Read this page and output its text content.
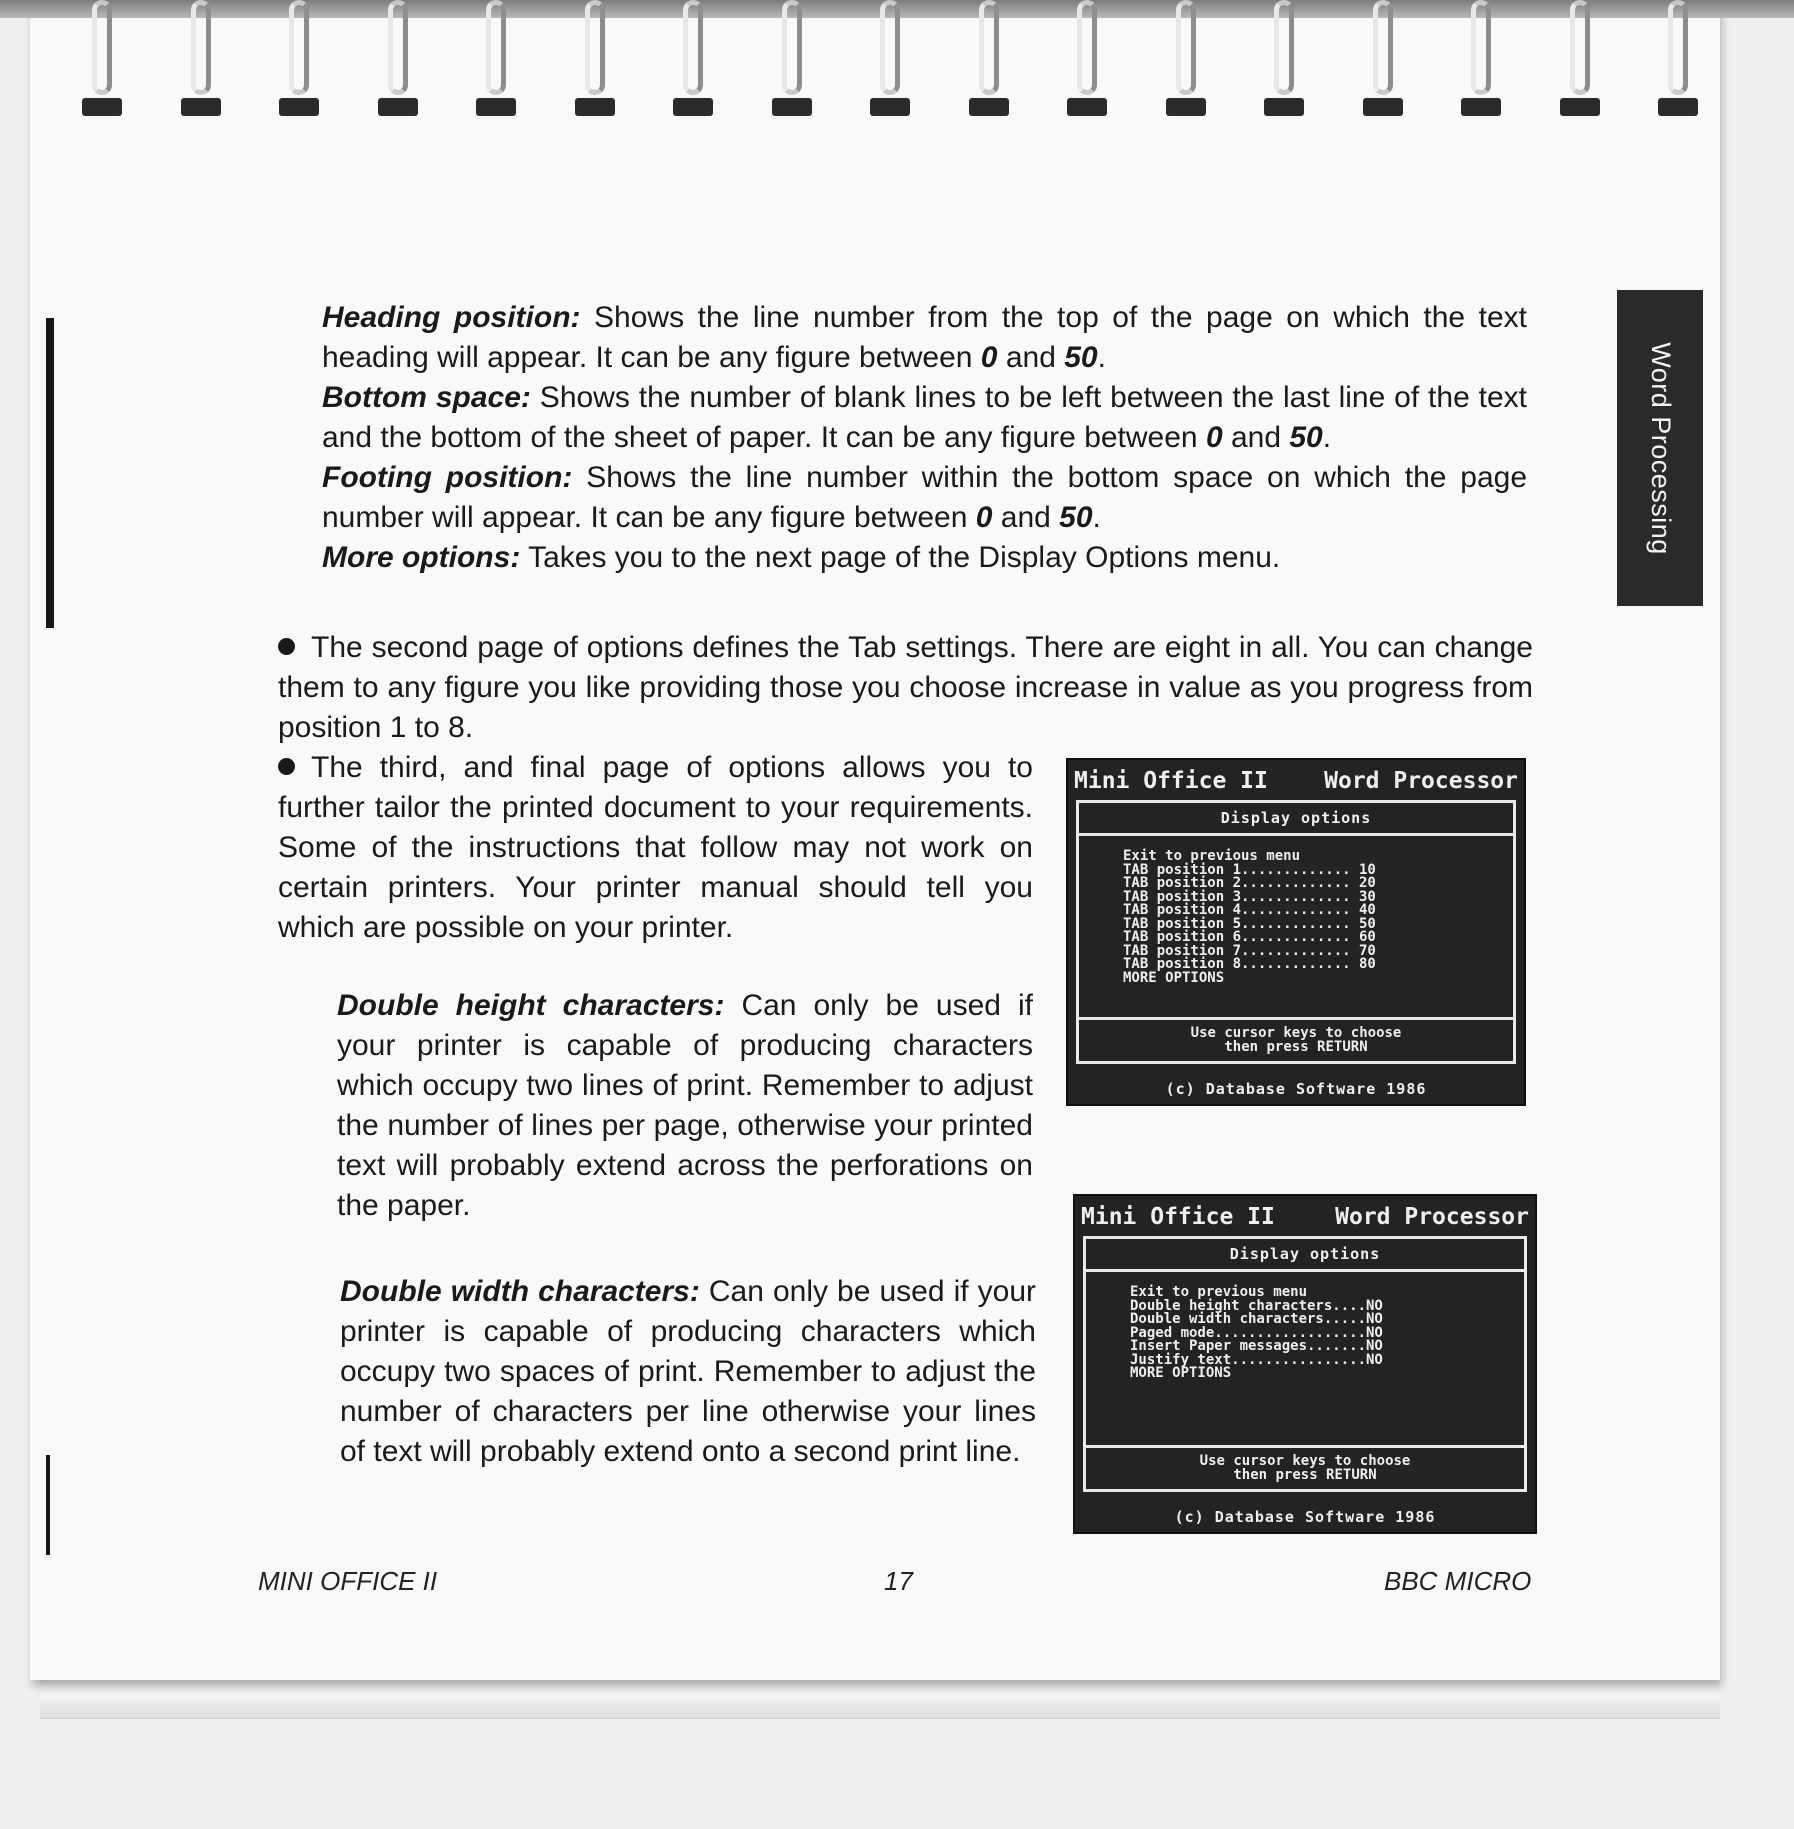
Word Processing

Heading position: Shows the line number from the top of the page on which the text heading will appear. It can be any figure between 0 and 50.

Bottom space: Shows the number of blank lines to be left between the last line of the text and the bottom of the sheet of paper. It can be any figure between 0 and 50.

Footing position: Shows the line number within the bottom space on which the page number will appear. It can be any figure between 0 and 50.

More options: Takes you to the next page of the Display Options menu.

The second page of options defines the Tab settings. There are eight in all. You can change them to any figure you like providing those you choose increase in value as you progress from position 1 to 8.

The third, and final page of options allows you to further tailor the printed document to your requirements. Some of the instructions that follow may not work on certain printers. Your printer manual should tell you which are possible on your printer.

Double height characters: Can only be used if your printer is capable of producing characters which occupy two lines of print. Remember to adjust the number of lines per page, otherwise your printed text will probably extend across the perforations on the paper.

Double width characters: Can only be used if your printer is capable of producing characters which occupy two spaces of print. Remember to adjust the number of characters per line otherwise your lines of text will probably extend onto a second print line.

Mini Office II Word Processor
Display options
Exit to previous menu
TAB position 1............. 10
TAB position 2............. 20
TAB position 3............. 30
TAB position 4............. 40
TAB position 5............. 50
TAB position 6............. 60
TAB position 7............. 70
TAB position 8............. 80
MORE OPTIONS
Use cursor keys to choose
then press RETURN
(c) Database Software 1986
Mini Office II	Word Processor
Display options
Exit to previous menu
Double height characters....NO
Double width characters.....NO
Paged mode..................NO
Insert Paper messages.......NO
Justify text................NO
MORE OPTIONS
Use cursor keys to choose
then press RETURN
(c) Database Software 1986
MINI OFFICE II	17	BBC MICRO
